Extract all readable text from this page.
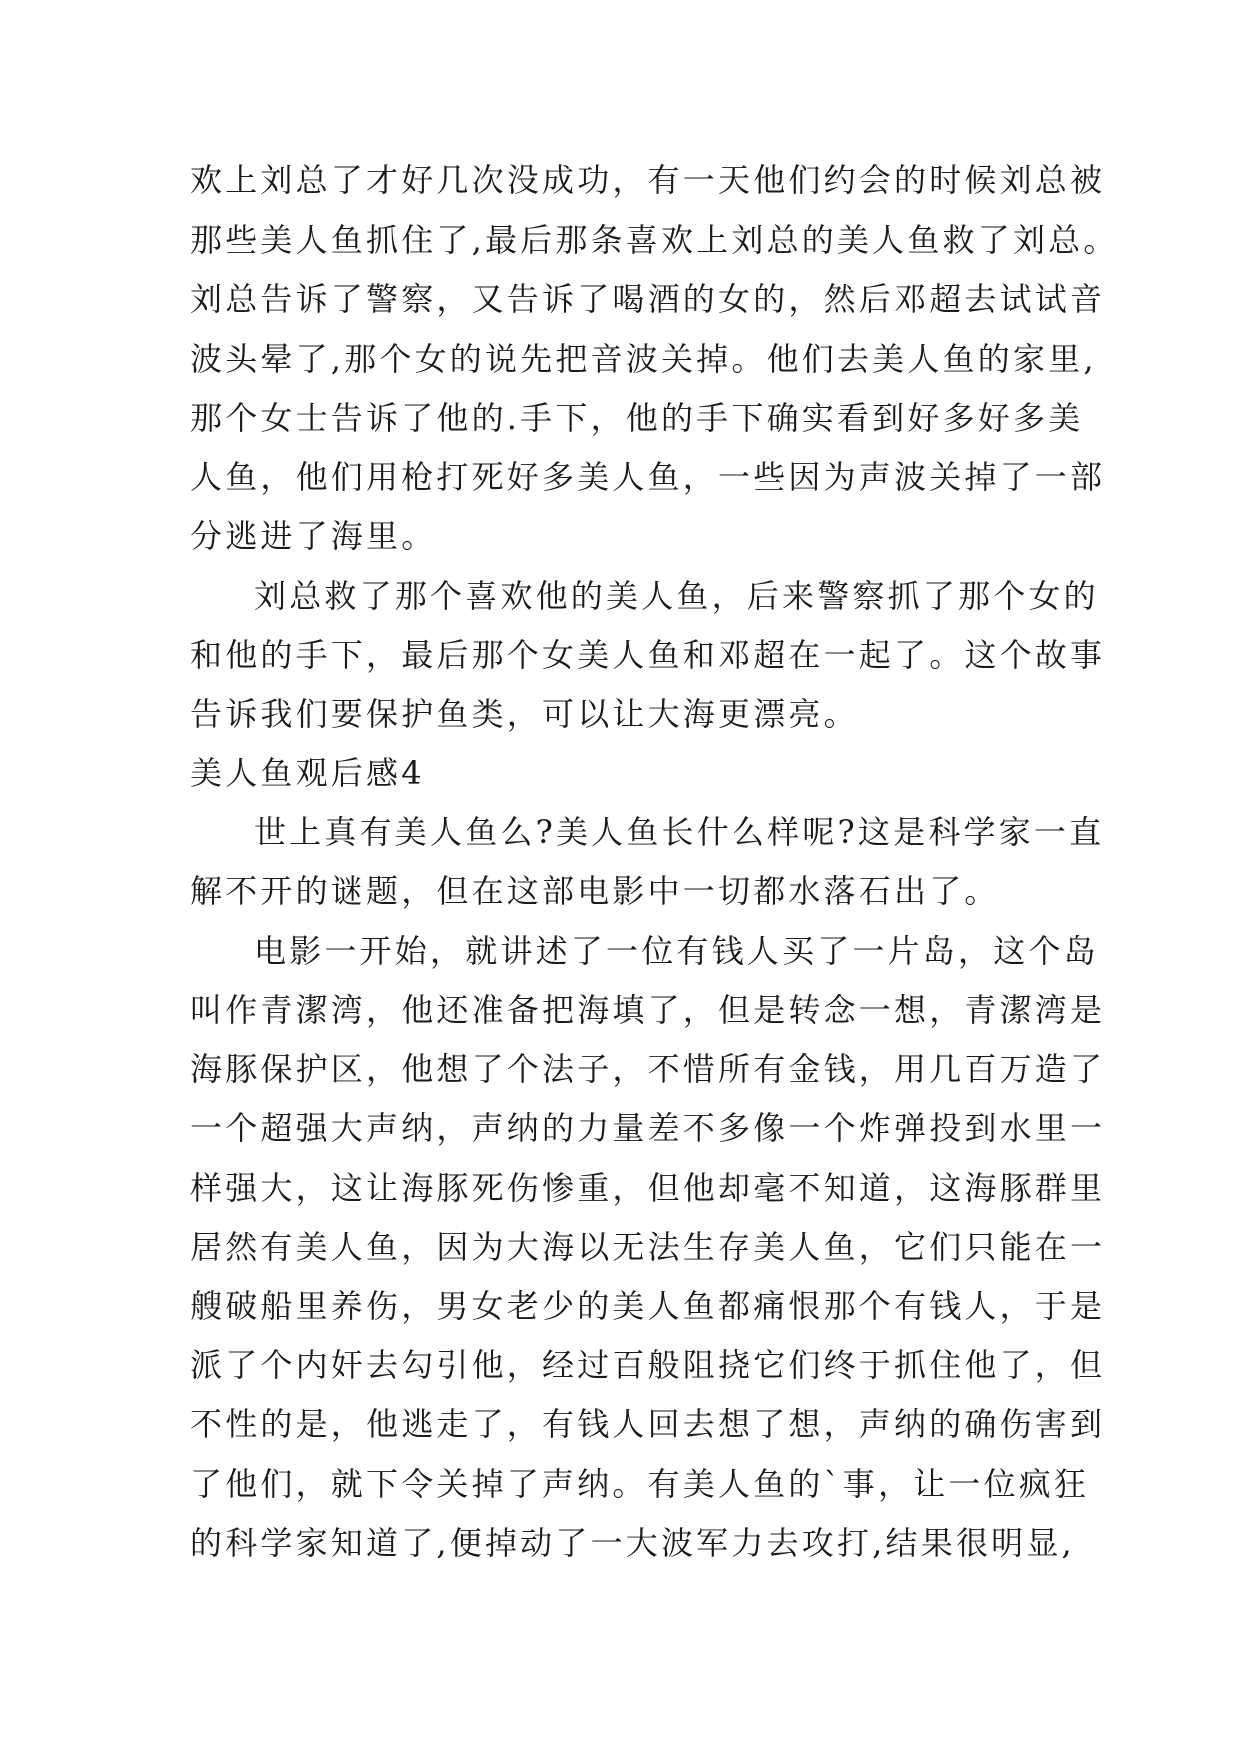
欢上刘总了才好几次没成功，有一天他们约会的时候刘总被
那些美人鱼抓住了,最后那条喜欢上刘总的美人鱼救了刘总。
刘总告诉了警察，又告诉了喝酒的女的，然后邓超去试试音
波头晕了,那个女的说先把音波关掉。他们去美人鱼的家里,
那个女士告诉了他的.手下，他的手下确实看到好多好多美
人鱼，他们用枪打死好多美人鱼，一些因为声波关掉了一部
分逃进了海里。
刘总救了那个喜欢他的美人鱼，后来警察抓了那个女的
和他的手下，最后那个女美人鱼和邓超在一起了。这个故事
告诉我们要保护鱼类，可以让大海更漂亮。
美人鱼观后感4
世上真有美人鱼么?美人鱼长什么样呢?这是科学家一直
解不开的谜题，但在这部电影中一切都水落石出了。
电影一开始，就讲述了一位有钱人买了一片岛，这个岛
叫作青潔湾，他还准备把海填了，但是转念一想，青潔湾是
海豚保护区，他想了个法子，不惜所有金钱，用几百万造了
一个超强大声纳，声纳的力量差不多像一个炸弹投到水里一
样强大，这让海豚死伤惨重，但他却毫不知道，这海豚群里
居然有美人鱼，因为大海以无法生存美人鱼，它们只能在一
艘破船里养伤，男女老少的美人鱼都痛恨那个有钱人，于是
派了个内奸去勾引他，经过百般阻挠它们终于抓住他了，但
不性的是，他逃走了，有钱人回去想了想，声纳的确伤害到
了他们，就下令关掉了声纳。有美人鱼的`事，让一位疯狂
的科学家知道了,便掉动了一大波军力去攻打,结果很明显,
